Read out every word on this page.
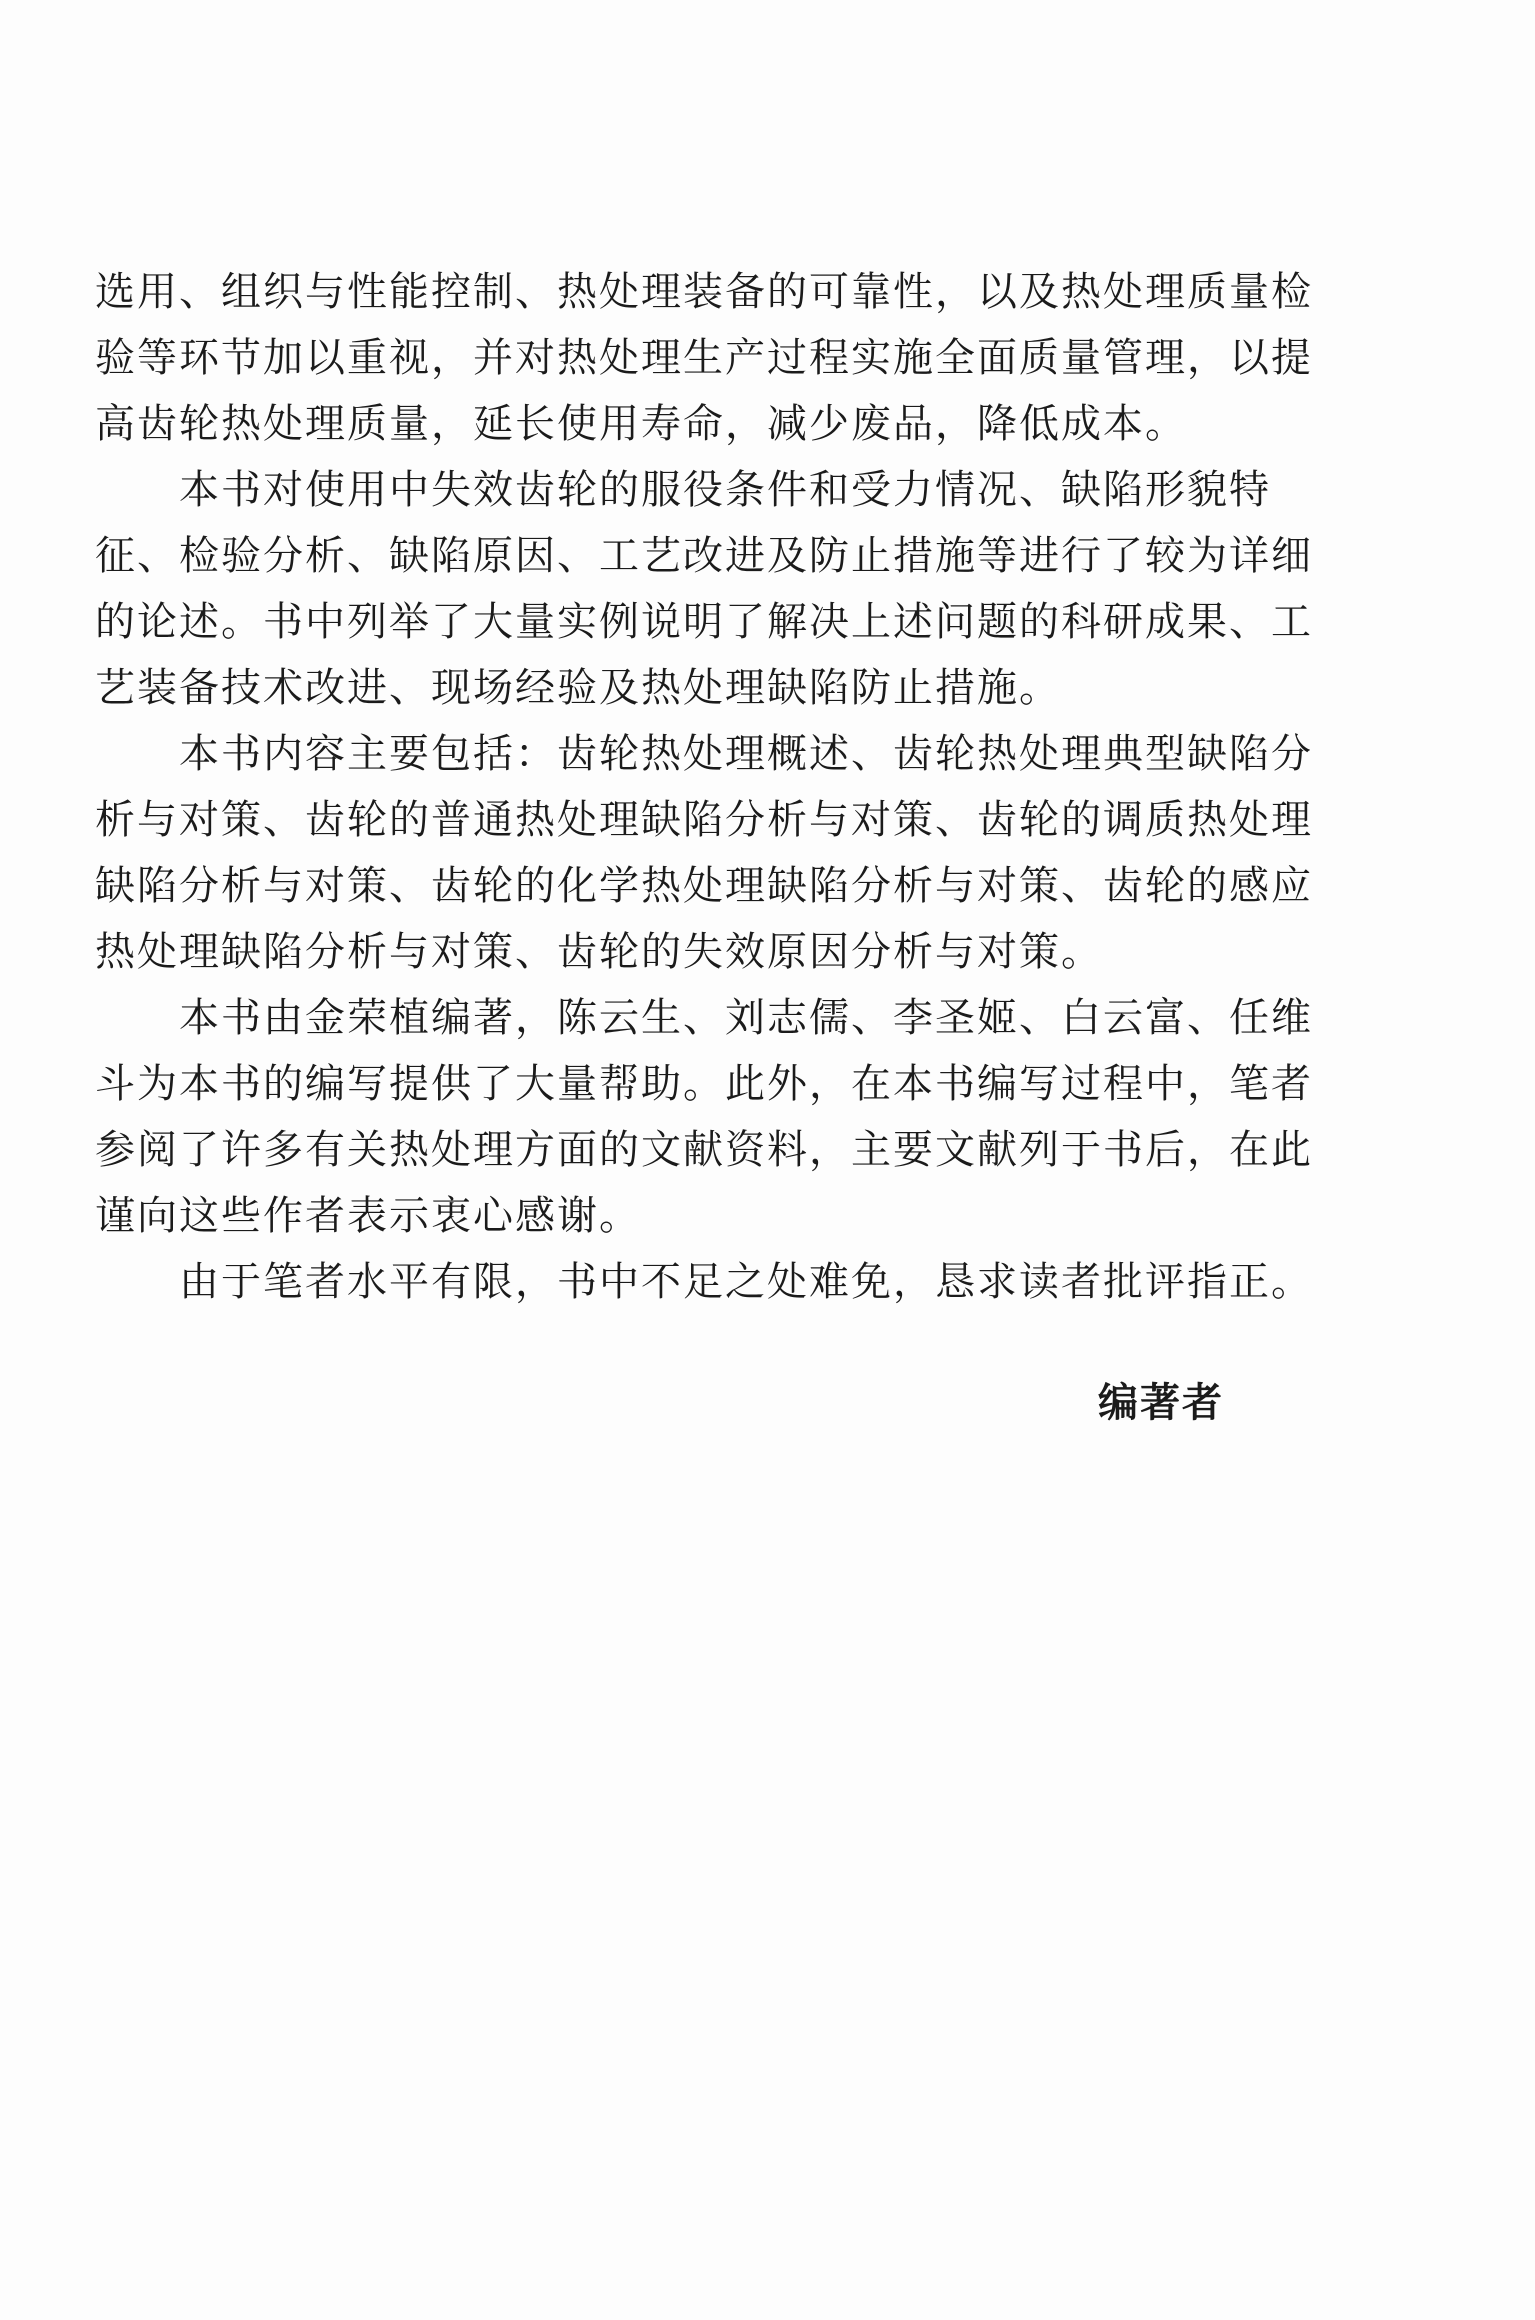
选用、组织与性能控制、热处理装备的可靠性，以及热处理质量检
验等环节加以重视，并对热处理生产过程实施全面质量管理，以提
高齿轮热处理质量，延长使用寿命，减少废品，降低成本。
本书对使用中失效齿轮的服役条件和受力情况、缺陷形貌特
征、检验分析、缺陷原因、工艺改进及防止措施等进行了较为详细
的论述。书中列举了大量实例说明了解决上述问题的科研成果、工
艺装备技术改进、现场经验及热处理缺陷防止措施。
本书内容主要包括：齿轮热处理概述、齿轮热处理典型缺陷分
析与对策、齿轮的普通热处理缺陷分析与对策、齿轮的调质热处理
缺陷分析与对策、齿轮的化学热处理缺陷分析与对策、齿轮的感应
热处理缺陷分析与对策、齿轮的失效原因分析与对策。
本书由金荣植编著，陈云生、刘志儒、李圣姬、白云富、任维
斗为本书的编写提供了大量帮助。此外，在本书编写过程中，笔者
参阅了许多有关热处理方面的文献资料，主要文献列于书后，在此
谨向这些作者表示衷心感谢。
由于笔者水平有限，书中不足之处难免，恳求读者批评指正。
编著者
